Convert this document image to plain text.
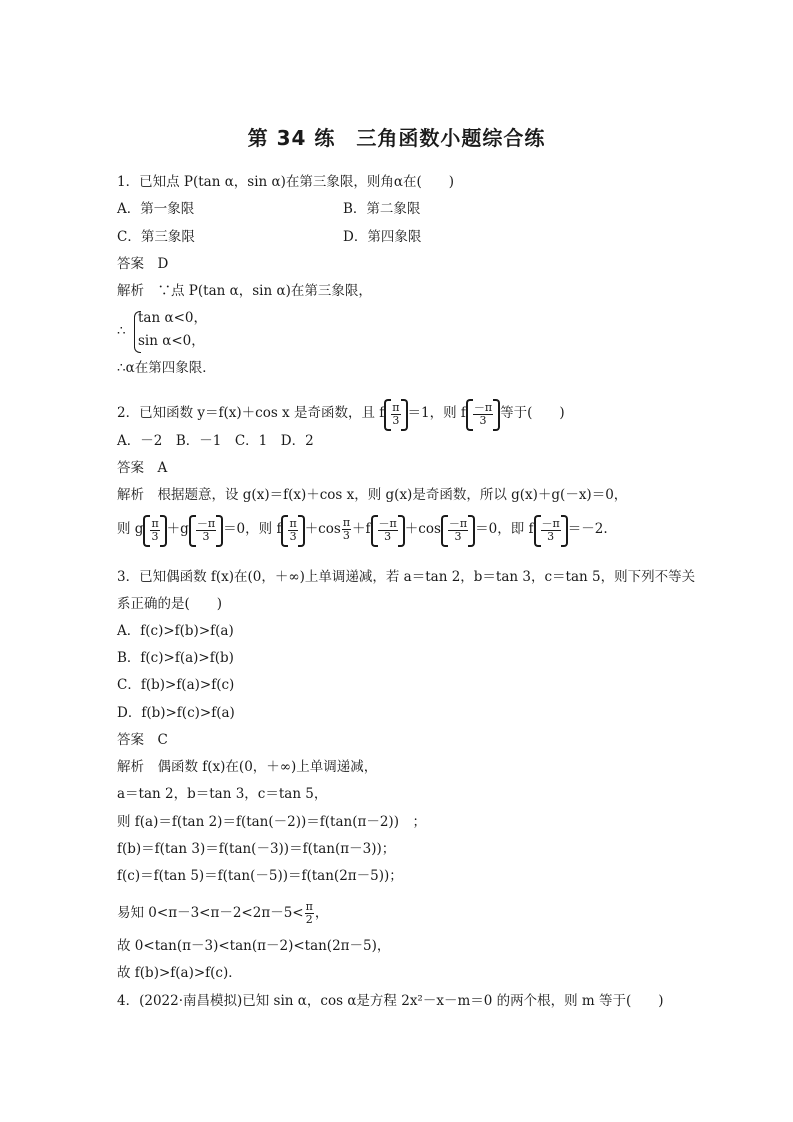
第 34 练　三角函数小题综合练
1．已知点 P(tan α，sin α)在第三象限，则角α在(　　)
A．第一象限	B．第二象限
C．第三象限	D．第四象限
答案　D
解析　∵点 P(tan α，sin α)在第三象限，
∴
tan α<0，
sin α<0，
∴α在第四象限．
2．已知函数 y＝f(x)＋cos x 是奇函数，且 f $\frac{\pi}{3} =1$，则 f $\frac{-\pi}{3}$ 等于(　　)
A．－2　B．－1　C．1　D．2
答案　A
解析　根据题意，设 g(x)＝f(x)＋cos x，则 g(x)是奇函数，所以 g(x)＋g(－x)＝0，
则 g $\frac{\pi}{3} +g \frac{-\pi}{3} =0$，则 f $\frac{\pi}{3} +\cos \frac{\pi}{3} +f \frac{-\pi}{3} +\cos \frac{-\pi}{3} =0$，即 f $\frac{-\pi}{3} =-2$.
3．已知偶函数 f(x)在(0，＋∞)上单调递减，若 a＝tan 2，b＝tan 3，c＝tan 5，则下列不等关
系正确的是(　　)
A．f(c)>f(b)>f(a)
B．f(c)>f(a)>f(b)
C．f(b)>f(a)>f(c)
D．f(b)>f(c)>f(a)
答案　C
解析　偶函数 f(x)在(0，＋∞)上单调递减，
a＝tan 2，b＝tan 3，c＝tan 5，
则 f(a)＝f(tan 2)＝f(tan(－2))＝f(tan(π－2))　；
f(b)＝f(tan 3)＝f(tan(－3))＝f(tan(π－3))；
f(c)＝f(tan 5)＝f(tan(－5))＝f(tan(2π－5))；
易知 $0<\pi-3<\pi-2<2\pi-5< \frac{\pi}{2}$ ，
故 0<tan(π－3)<tan(π－2)<tan(2π－5)，
故 f(b)>f(a)>f(c)．
4．(2022·南昌模拟)已知 sin α，cos α是方程 2x²－x－m＝0 的两个根，则 m 等于(　　)
